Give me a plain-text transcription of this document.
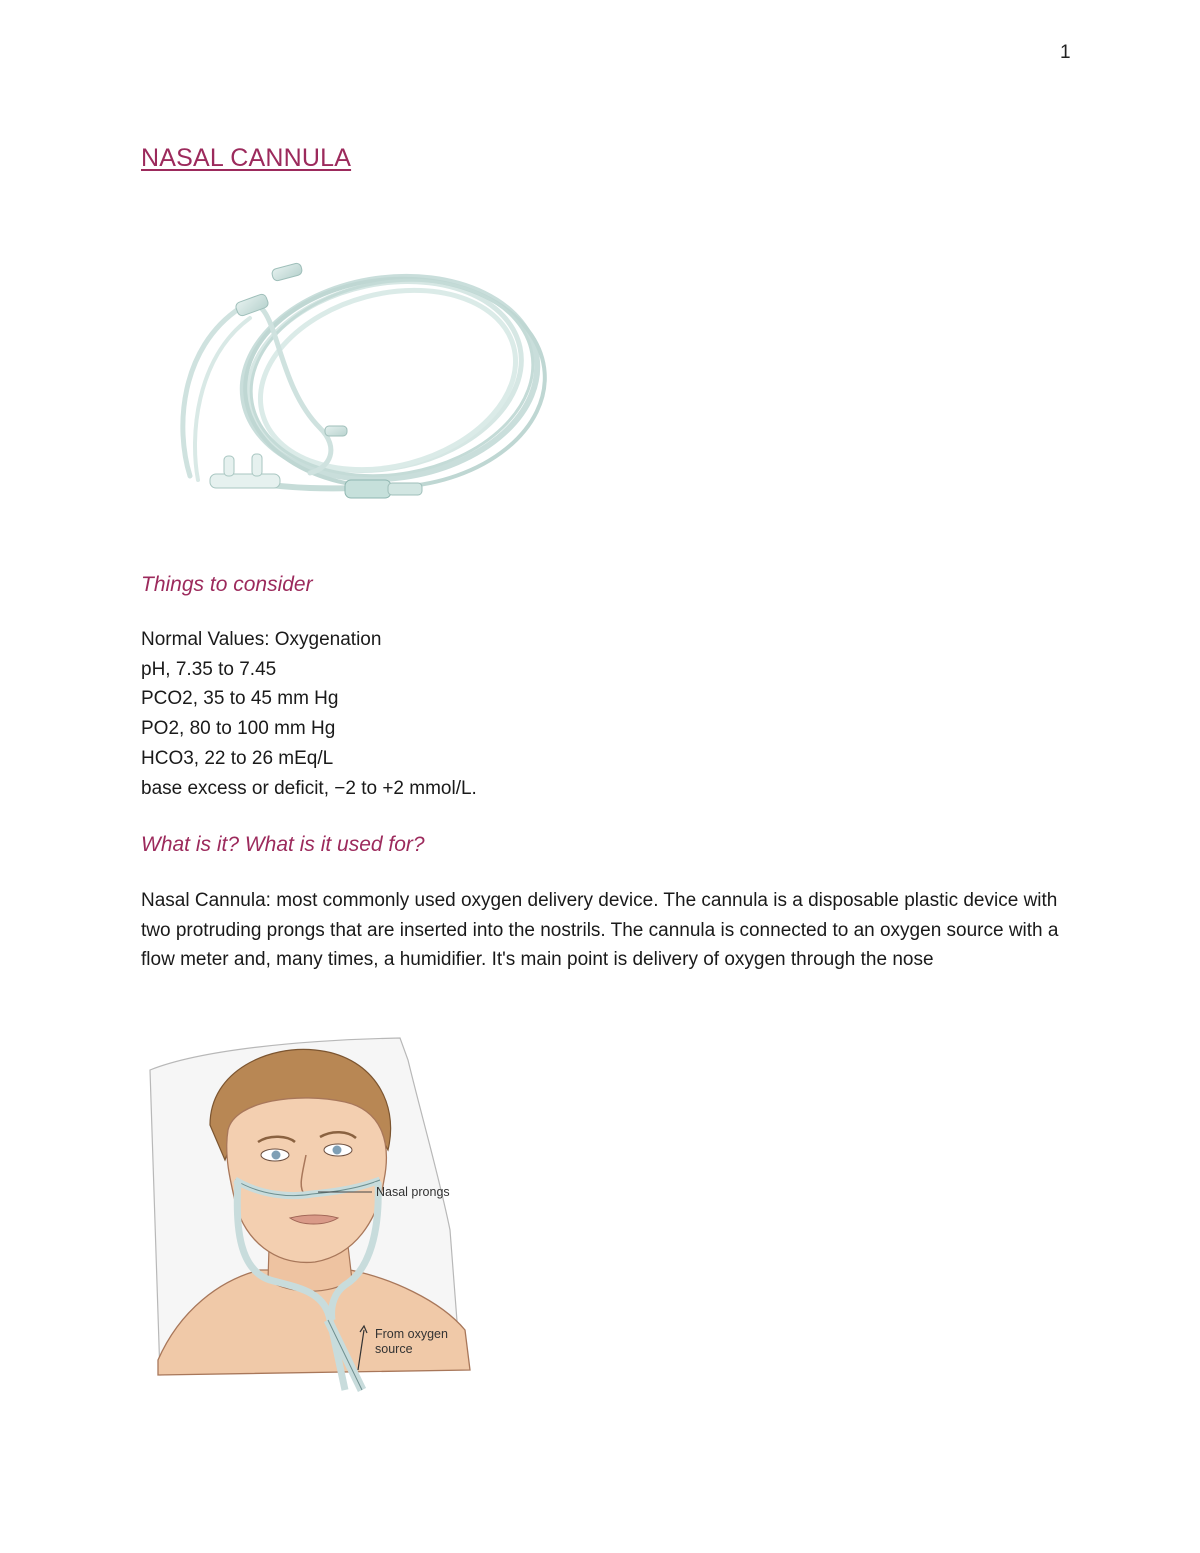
1
NASAL CANNULA
Things to consider
Normal Values: Oxygenation
pH, 7.35 to 7.45
PCO2, 35 to 45 mm Hg
PO2, 80 to 100 mm Hg
HCO3, 22 to 26 mEq/L
base excess or deficit, −2 to +2 mmol/L.
What is it? What is it used for?
Nasal Cannula: most commonly used oxygen delivery device. The cannula is a disposable plastic device with two protruding prongs that are inserted into the nostrils. The cannula is connected to an oxygen source with a flow meter and, many times, a humidifier. It's main point is delivery of oxygen through the nose
Nasal prongs
From oxygen
source
